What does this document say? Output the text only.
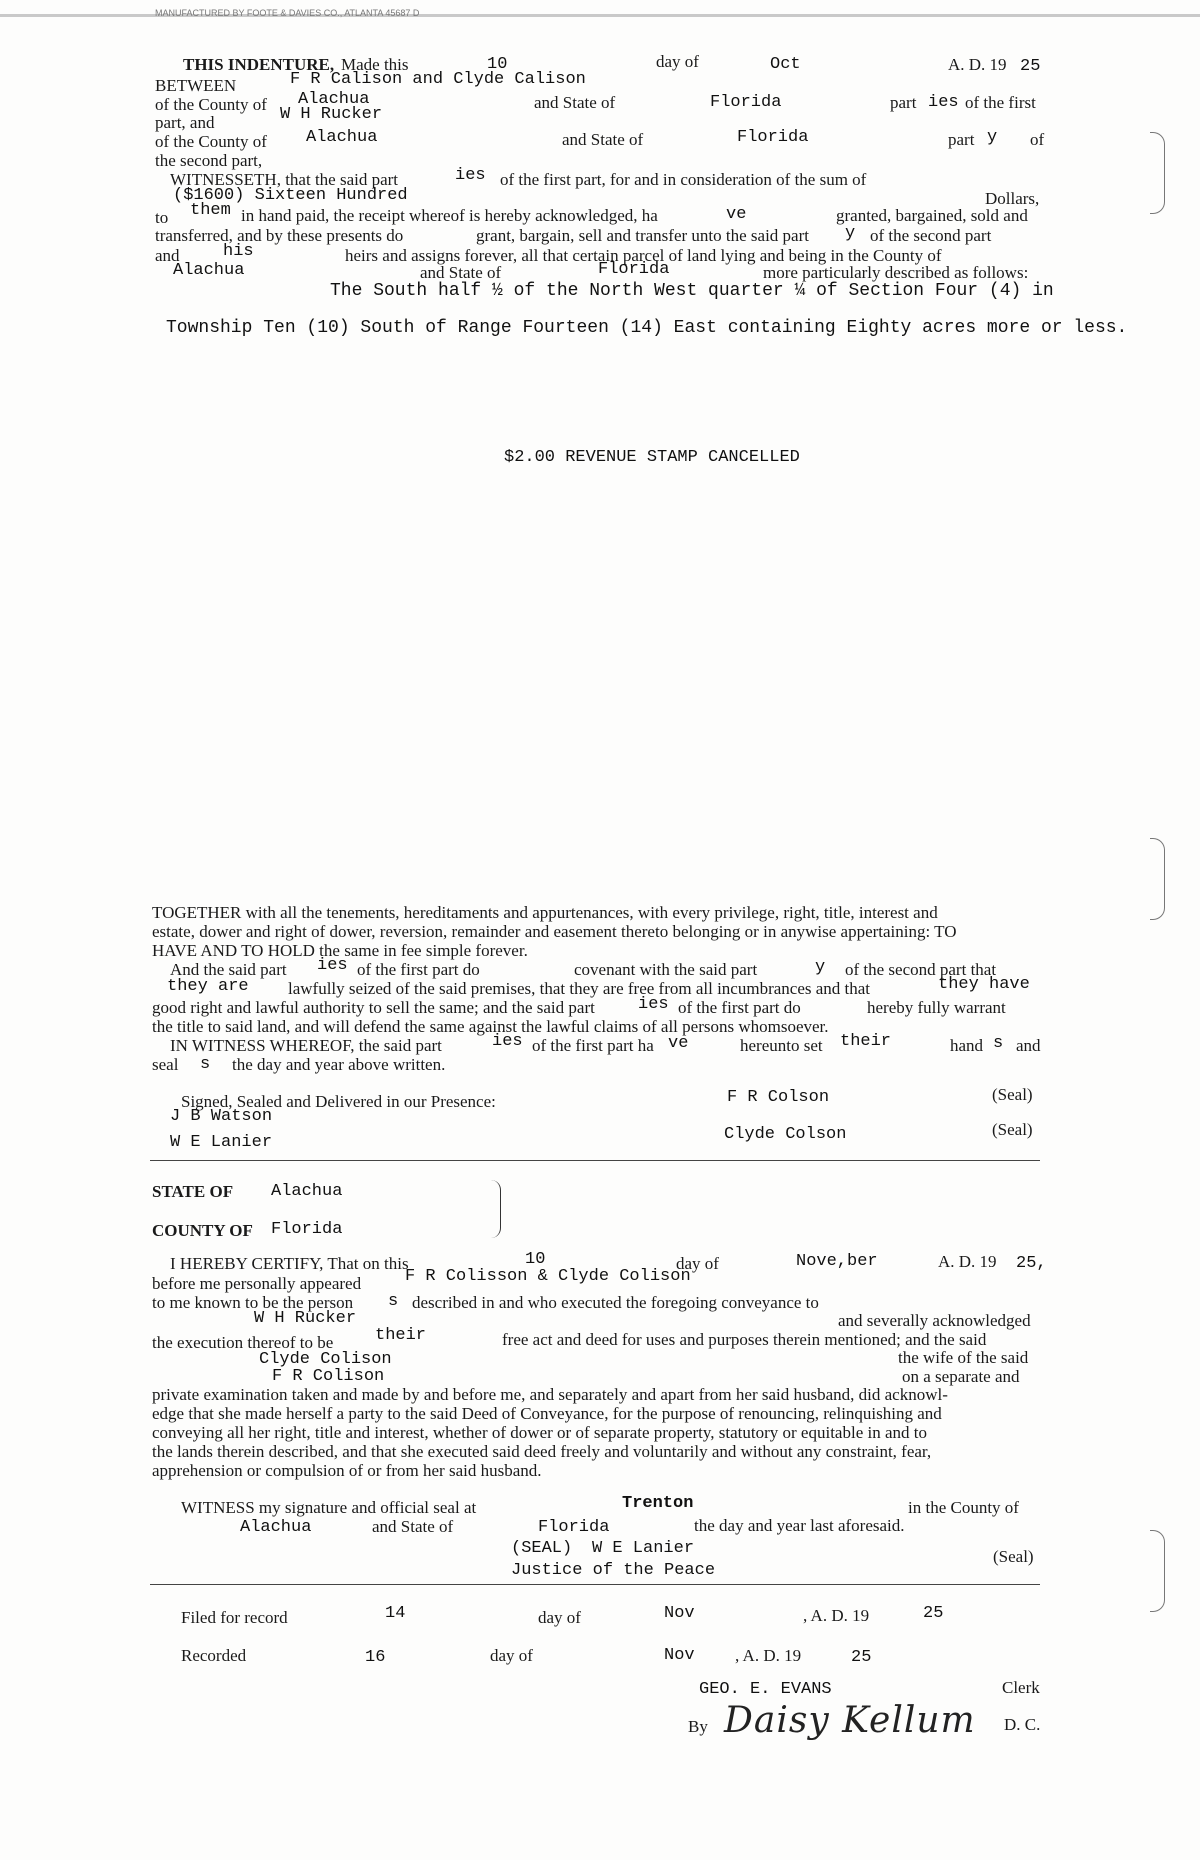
MANUFACTURED BY FOOTE & DAVIES CO., ATLANTA 45687 D
THIS INDENTURE, Made this	10	day of	Oct	A. D. 19 25
BETWEEN	F R Calison and Clyde Calison
of the County of Alachua	and State of	Florida	part ies of the first
part, and	W H Rucker
of the County of Alachua	and State of	Florida	part y of
the second part,
WITNESSETH, that the said part	ies of the first part, for and in consideration of the sum of
($1600) Sixteen Hundred	Dollars,
to them in hand paid, the receipt whereof is hereby acknowledged, ha	ve	granted, bargained, sold and
transferred, and by these presents do	grant, bargain, sell and transfer unto the said part y of the second part
and	his	heirs and assigns forever, all that certain parcel of land lying and being in the County of
Alachua	and State of	Florida	more particularly described as follows:
The South half ½ of the North West quarter ¼ of Section Four (4) in
Township Ten (10) South of Range Fourteen (14) East containing Eighty acres more or less.
$2.00 REVENUE STAMP CANCELLED
TOGETHER with all the tenements, hereditaments and appurtenances, with every privilege, right, title, interest and
estate, dower and right of dower, reversion, remainder and easement thereto belonging or in anywise appertaining: TO
HAVE AND TO HOLD the same in fee simple forever.
And the said part ies of the first part do	covenant with the said part	y of the second part that
they are lawfully seized of the said premises, that they are free from all incumbrances and that	they have
good right and lawful authority to sell the same; and the said part	ies of the first part do	hereby fully warrant
the title to said land, and will defend the same against the lawful claims of all persons whomsoever.
IN WITNESS WHEREOF, the said part	ies of the first part ha ve	hereunto set their	hand s and
seal s the day and year above written.
Signed, Sealed and Delivered in our Presence:
J B Watson
W E Lanier
F R Colson
Clyde Colson
(Seal)
(Seal)
STATE OF Alachua
COUNTY OF Florida
I HEREBY CERTIFY, That on this	10	day of	Nove,ber	A. D. 19 25,
before me personally appeared	F R Colisson & Clyde Colison
to me known to be the person s described in and who executed the foregoing conveyance to
W H Rucker	and severally acknowledged
the execution thereof to be their	free act and deed for uses and purposes therein mentioned; and the said
Clyde Colison	the wife of the said
F R Colison	on a separate and
private examination taken and made by and before me, and separately and apart from her said husband, did acknowl-
edge that she made herself a party to the said Deed of Conveyance, for the purpose of renouncing, relinquishing and
conveying all her right, title and interest, whether of dower or of separate property, statutory or equitable in and to
the lands therein described, and that she executed said deed freely and voluntarily and without any constraint, fear,
apprehension or compulsion of or from her said husband.
WITNESS my signature and official seal at	Trenton	in the County of
Alachua	and State of	Florida	the day and year last aforesaid.
(SEAL) W E Lanier	(Seal)
Justice of the Peace
Filed for record	14	day of	Nov	, A. D. 19	25
Recorded	16	day of	Nov , A. D. 19	25
GEO. E. EVANS	Clerk
By Daisy Kellum D. C.
